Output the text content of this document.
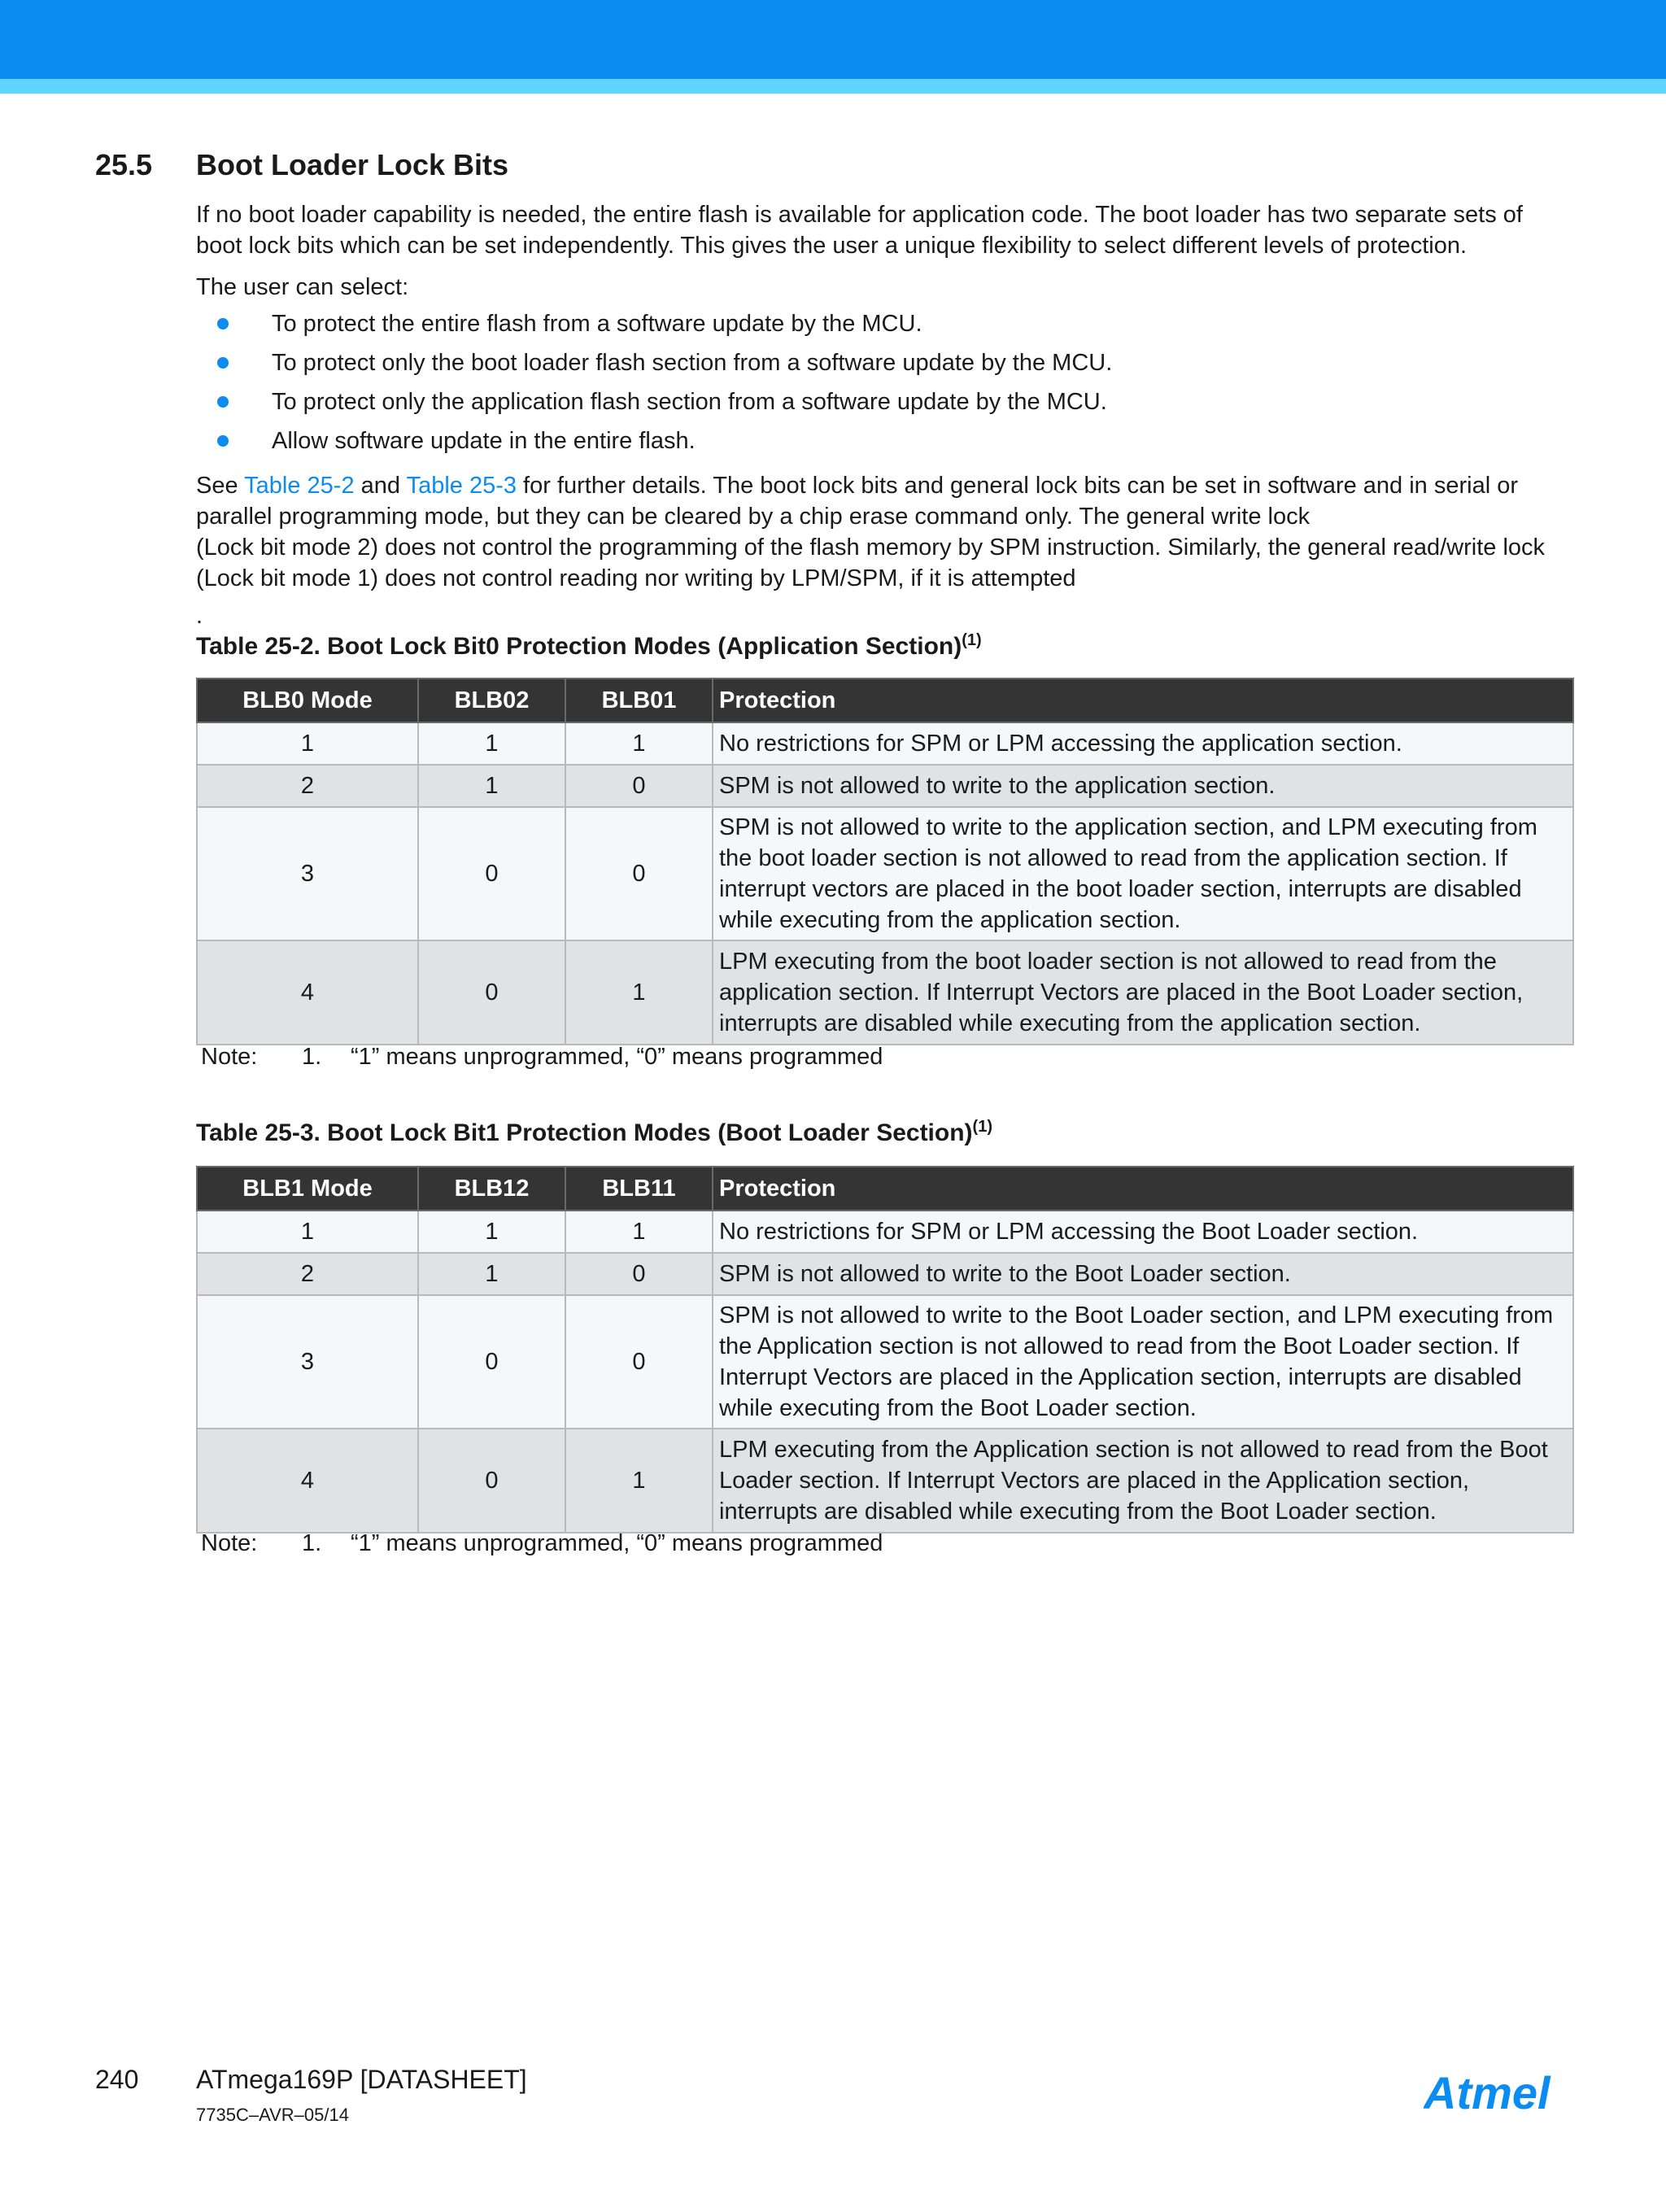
25.5 Boot Loader Lock Bits
If no boot loader capability is needed, the entire flash is available for application code. The boot loader has two separate sets of boot lock bits which can be set independently. This gives the user a unique flexibility to select different levels of protection.
The user can select:
To protect the entire flash from a software update by the MCU.
To protect only the boot loader flash section from a software update by the MCU.
To protect only the application flash section from a software update by the MCU.
Allow software update in the entire flash.
See Table 25-2 and Table 25-3 for further details. The boot lock bits and general lock bits can be set in software and in serial or parallel programming mode, but they can be cleared by a chip erase command only. The general write lock
(Lock bit mode 2) does not control the programming of the flash memory by SPM instruction. Similarly, the general read/write lock (Lock bit mode 1) does not control reading nor writing by LPM/SPM, if it is attempted
.
Table 25-2. Boot Lock Bit0 Protection Modes (Application Section)$^{(1)}$
BLB0 Mode	BLB02	BLB01	Protection
1	1	1	No restrictions for SPM or LPM accessing the application section.
2	1	0	SPM is not allowed to write to the application section.
3	0	0	SPM is not allowed to write to the application section, and LPM executing from the boot loader section is not allowed to read from the application section. If interrupt vectors are placed in the boot loader section, interrupts are disabled while executing from the application section.
4	0	1	LPM executing from the boot loader section is not allowed to read from the application section. If Interrupt Vectors are placed in the Boot Loader section, interrupts are disabled while executing from the application section.
Note: 1. “1” means unprogrammed, “0” means programmed
Table 25-3. Boot Lock Bit1 Protection Modes (Boot Loader Section)$^{(1)}$
BLB1 Mode	BLB12	BLB11	Protection
1	1	1	No restrictions for SPM or LPM accessing the Boot Loader section.
2	1	0	SPM is not allowed to write to the Boot Loader section.
3	0	0	SPM is not allowed to write to the Boot Loader section, and LPM executing from the Application section is not allowed to read from the Boot Loader section. If Interrupt Vectors are placed in the Application section, interrupts are disabled while executing from the Boot Loader section.
4	0	1	LPM executing from the Application section is not allowed to read from the Boot Loader section. If Interrupt Vectors are placed in the Application section, interrupts are disabled while executing from the Boot Loader section.
Note: 1. “1” means unprogrammed, “0” means programmed
240 ATmega169P [DATASHEET]
7735C–AVR–05/14	Atmel
